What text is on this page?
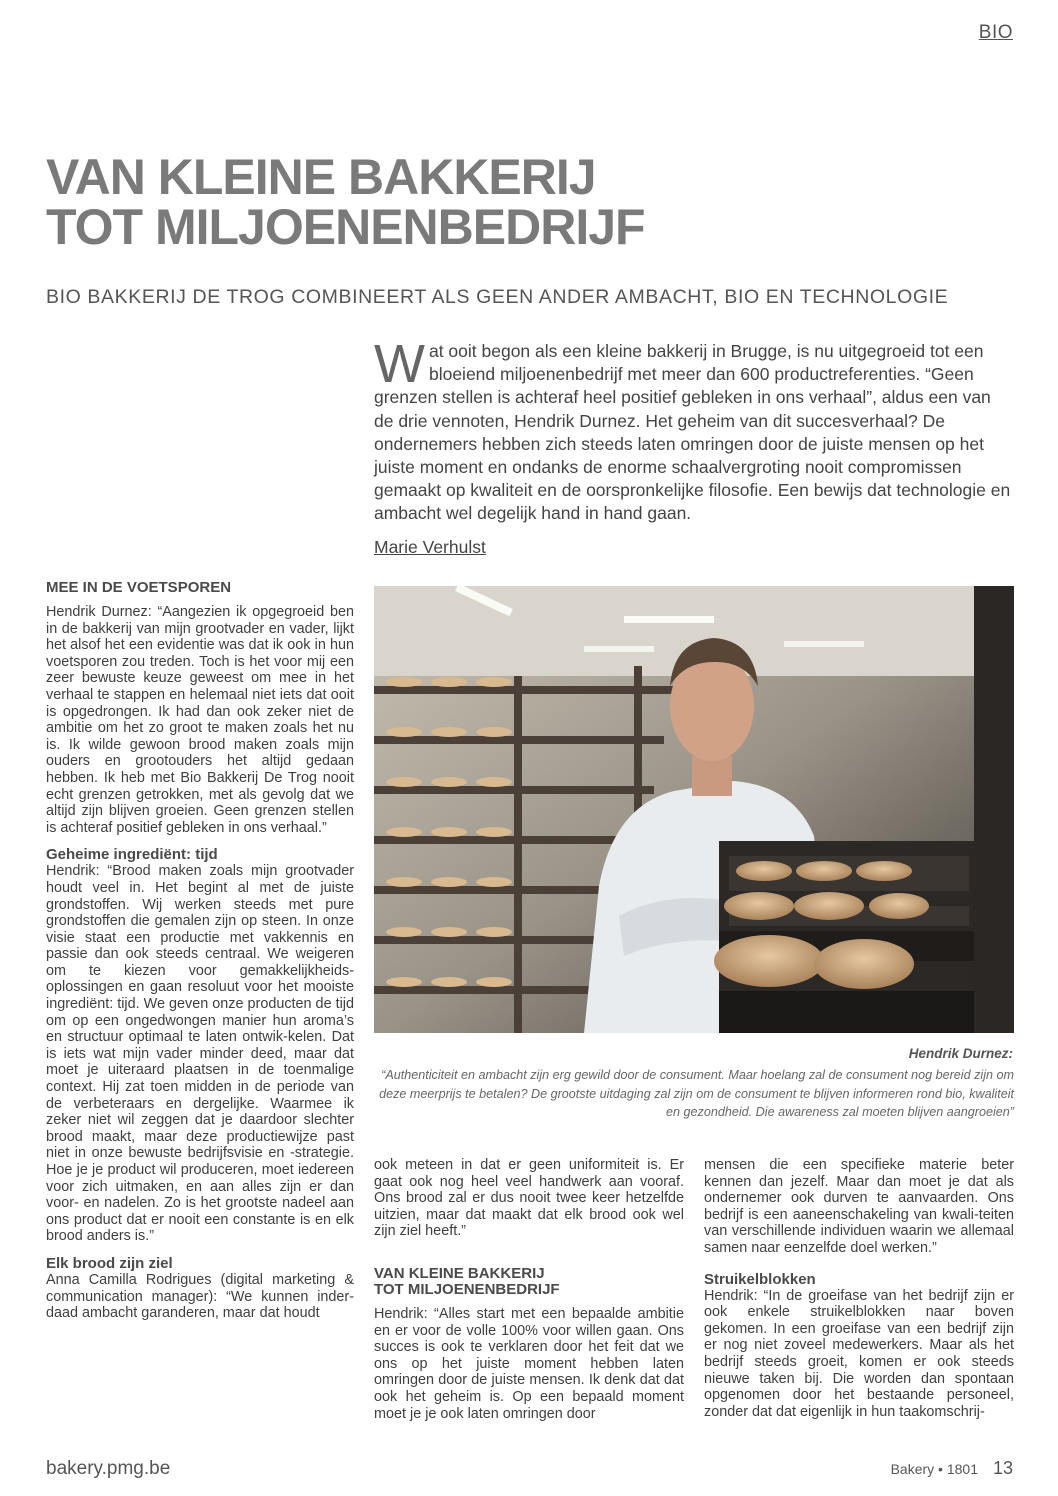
BIO
VAN KLEINE BAKKERIJ
TOT MILJOENENBEDRIJF
BIO BAKKERIJ DE TROG COMBINEERT ALS GEEN ANDER AMBACHT, BIO EN TECHNOLOGIE
Wat ooit begon als een kleine bakkerij in Brugge, is nu uitgegroeid tot een bloeiend miljoenenbedrijf met meer dan 600 productreferenties. “Geen grenzen stellen is achteraf heel positief gebleken in ons verhaal”, aldus een van de drie vennoten, Hendrik Durnez. Het geheim van dit succesverhaal? De ondernemers hebben zich steeds laten omringen door de juiste mensen op het juiste moment en ondanks de enorme schaalvergroting nooit compromissen gemaakt op kwaliteit en de oorspronkelijke filosofie. Een bewijs dat technologie en ambacht wel degelijk hand in hand gaan.
Marie Verhulst
MEE IN DE VOETSPOREN

Hendrik Durnez: “Aangezien ik opgegroeid ben in de bakkerij van mijn grootvader en vader, lijkt het alsof het een evidentie was dat ik ook in hun voetsporen zou treden. Toch is het voor mij een zeer bewuste keuze geweest om mee in het verhaal te stappen en helemaal niet iets dat ooit is opgedrongen. Ik had dan ook zeker niet de ambitie om het zo groot te maken zoals het nu is. Ik wilde gewoon brood maken zoals mijn ouders en grootouders het altijd gedaan hebben. Ik heb met Bio Bakkerij De Trog nooit echt grenzen getrokken, met als gevolg dat we altijd zijn blijven groeien. Geen grenzen stellen is achteraf positief gebleken in ons verhaal.”

Geheime ingrediënt: tijd

Hendrik: “Brood maken zoals mijn grootvader houdt veel in. Het begint al met de juiste grondstoffen. Wij werken steeds met pure grondstoffen die gemalen zijn op steen. In onze visie staat een productie met vakkennis en passie dan ook steeds centraal. We weigeren om te kiezen voor gemakkelijkheids-oplossingen en gaan resoluut voor het mooiste ingrediënt: tijd. We geven onze producten de tijd om op een ongedwongen manier hun aroma’s en structuur optimaal te laten ontwik-kelen. Dat is iets wat mijn vader minder deed, maar dat moet je uiteraard plaatsen in de toenmalige context. Hij zat toen midden in de periode van de verbeteraars en dergelijke. Waarmee ik zeker niet wil zeggen dat je daardoor slechter brood maakt, maar deze productiewijze past niet in onze bewuste bedrijfsvisie en -strategie. Hoe je je product wil produceren, moet iedereen voor zich uitmaken, en aan alles zijn er dan voor- en nadelen. Zo is het grootste nadeel aan ons product dat er nooit een constante is en elk brood anders is.”

Elk brood zijn ziel

Anna Camilla Rodrigues (digital marketing & communication manager): “We kunnen inder-daad ambacht garanderen, maar dat houdt

Hendrik Durnez:
“Authenticiteit en ambacht zijn erg gewild door de consument. Maar hoelang zal de consument nog bereid zijn om deze meerprijs te betalen? De grootste uitdaging zal zijn om de consument te blijven informeren rond bio, kwaliteit en gezondheid. Die awareness zal moeten blijven aangroeien”

ook meteen in dat er geen uniformiteit is. Er gaat ook nog heel veel handwerk aan vooraf. Ons brood zal er dus nooit twee keer hetzelfde uitzien, maar dat maakt dat elk brood ook wel zijn ziel heeft.”

VAN KLEINE BAKKERIJ
TOT MILJOENENBEDRIJF

Hendrik: “Alles start met een bepaalde ambitie en er voor de volle 100% voor willen gaan. Ons succes is ook te verklaren door het feit dat we ons op het juiste moment hebben laten omringen door de juiste mensen. Ik denk dat dat ook het geheim is. Op een bepaald moment moet je je ook laten omringen door

mensen die een specifieke materie beter kennen dan jezelf. Maar dan moet je dat als ondernemer ook durven te aanvaarden. Ons bedrijf is een aaneenschakeling van kwali-teiten van verschillende individuen waarin we allemaal samen naar eenzelfde doel werken.”

Struikelblokken

Hendrik: “In de groeifase van het bedrijf zijn er ook enkele struikelblokken naar boven gekomen. In een groeifase van een bedrijf zijn er nog niet zoveel medewerkers. Maar als het bedrijf steeds groeit, komen er ook steeds nieuwe taken bij. Die worden dan spontaan opgenomen door het bestaande personeel, zonder dat dat eigenlijk in hun taakomschrij-

bakery.pmg.be	Bakery • 1801 13
